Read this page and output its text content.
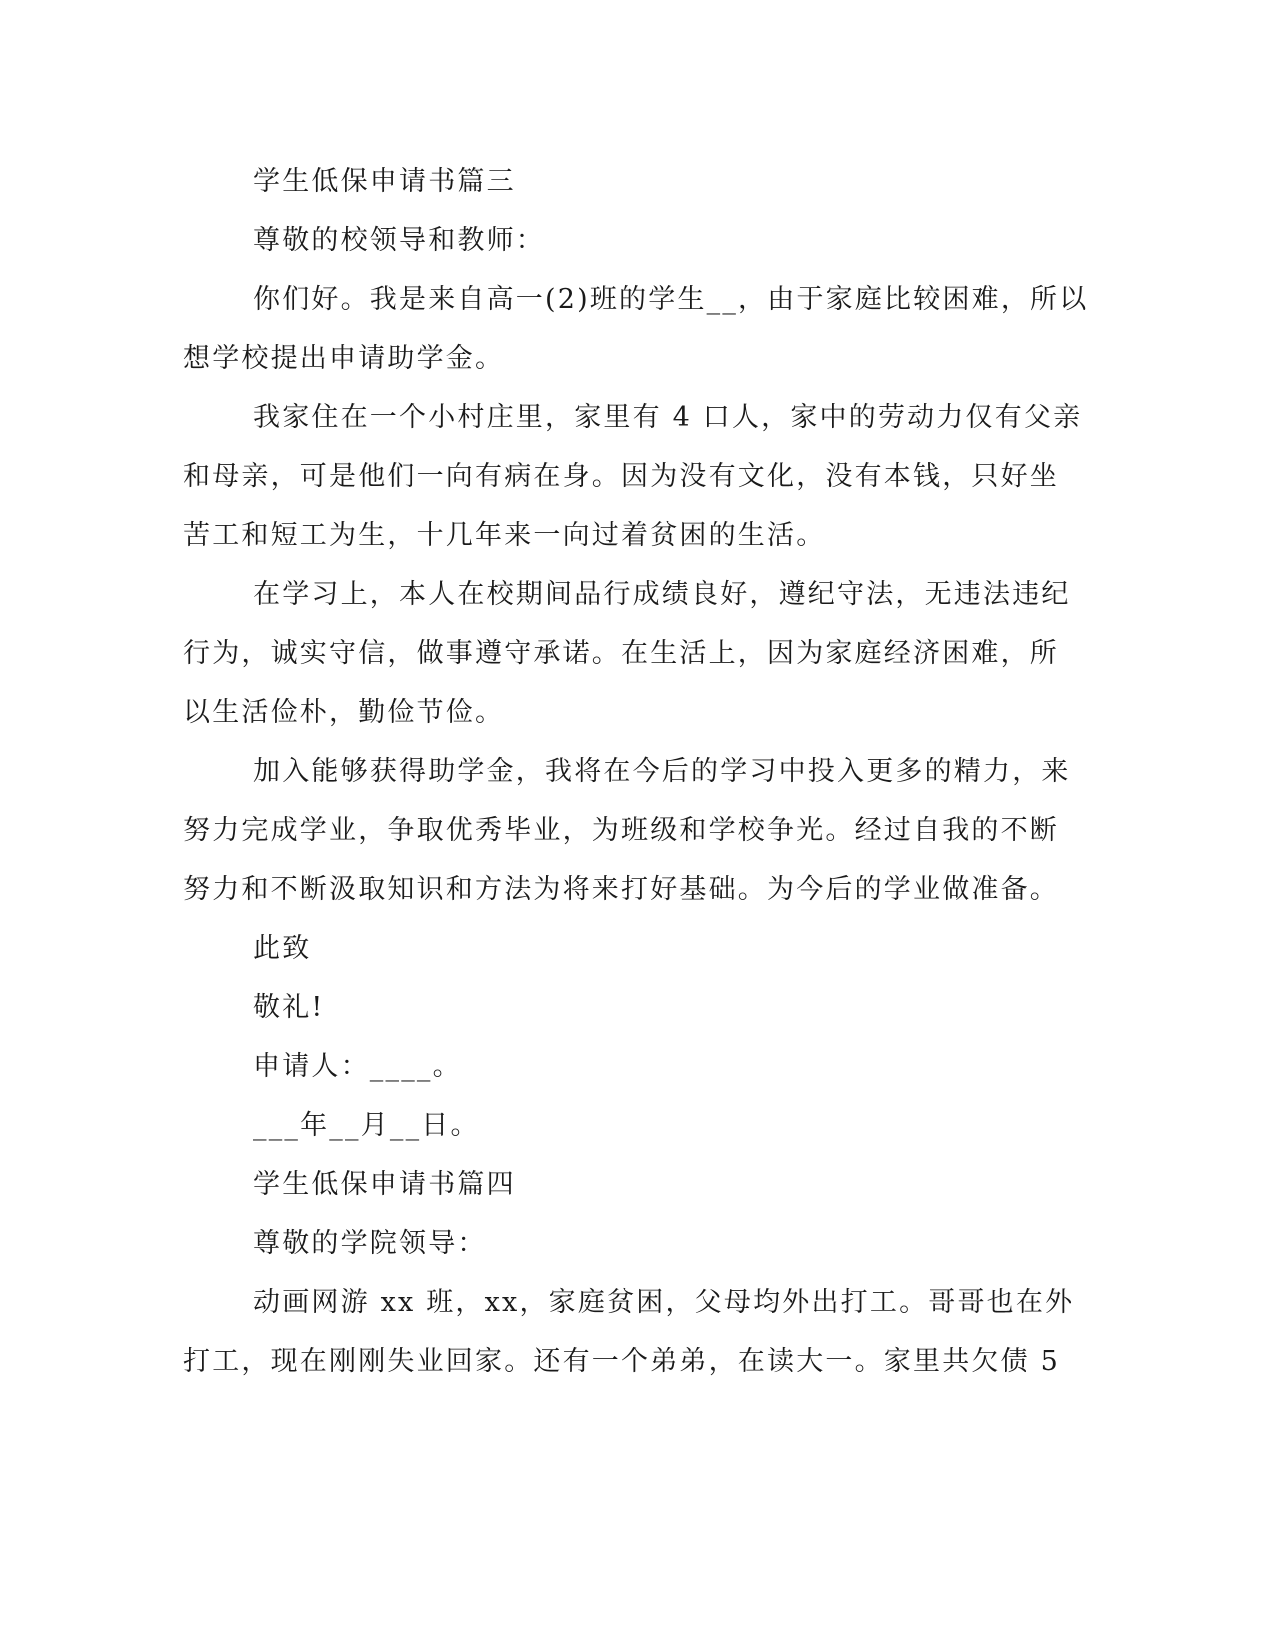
学生低保申请书篇三

尊敬的校领导和教师：

你们好。我是来自高一(2)班的学生__，由于家庭比较困难，所以

想学校提出申请助学金。

我家住在一个小村庄里，家里有 4 口人，家中的劳动力仅有父亲

和母亲，可是他们一向有病在身。因为没有文化，没有本钱，只好坐

苦工和短工为生，十几年来一向过着贫困的生活。

在学习上，本人在校期间品行成绩良好，遵纪守法，无违法违纪

行为，诚实守信，做事遵守承诺。在生活上，因为家庭经济困难，所

以生活俭朴，勤俭节俭。

加入能够获得助学金，我将在今后的学习中投入更多的精力，来

努力完成学业，争取优秀毕业，为班级和学校争光。经过自我的不断

努力和不断汲取知识和方法为将来打好基础。为今后的学业做准备。

此致

敬礼!

申请人：____。

___年__月__日。

学生低保申请书篇四

尊敬的学院领导：

动画网游 xx 班，xx，家庭贫困，父母均外出打工。哥哥也在外

打工，现在刚刚失业回家。还有一个弟弟，在读大一。家里共欠债 5
